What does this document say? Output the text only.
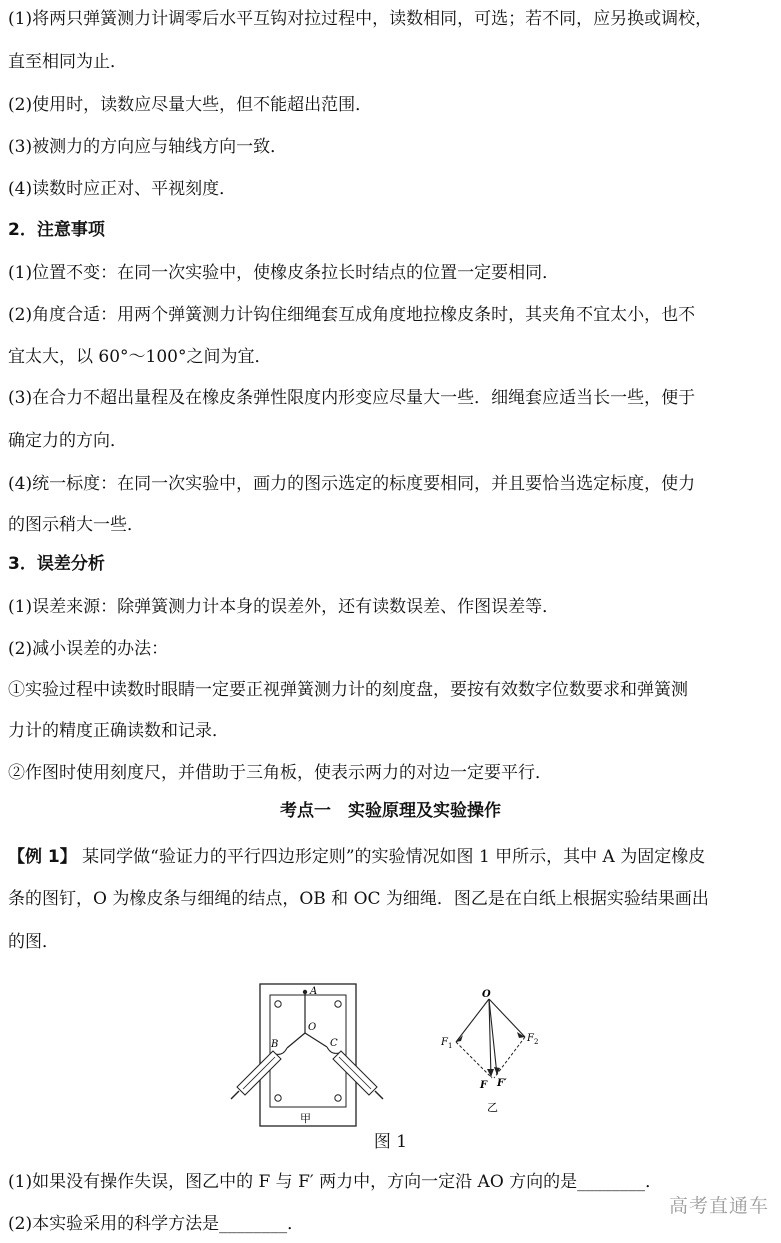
(1)将两只弹簧测力计调零后水平互钩对拉过程中，读数相同，可选；若不同，应另换或调校，
直至相同为止．
(2)使用时，读数应尽量大些，但不能超出范围．
(3)被测力的方向应与轴线方向一致．
(4)读数时应正对、平视刻度．
2．注意事项
(1)位置不变：在同一次实验中，使橡皮条拉长时结点的位置一定要相同．
(2)角度合适：用两个弹簧测力计钩住细绳套互成角度地拉橡皮条时，其夹角不宜太小，也不
宜太大，以 60°～100°之间为宜．
(3)在合力不超出量程及在橡皮条弹性限度内形变应尽量大一些．细绳套应适当长一些，便于
确定力的方向．
(4)统一标度：在同一次实验中，画力的图示选定的标度要相同，并且要恰当选定标度，使力
的图示稍大一些．
3．误差分析
(1)误差来源：除弹簧测力计本身的误差外，还有读数误差、作图误差等．
(2)减小误差的办法：
①实验过程中读数时眼睛一定要正视弹簧测力计的刻度盘，要按有效数字位数要求和弹簧测
力计的精度正确读数和记录．
②作图时使用刻度尺，并借助于三角板，使表示两力的对边一定要平行．
考点一　实验原理及实验操作
【例 1】 某同学做“验证力的平行四边形定则”的实验情况如图 1 甲所示，其中 A 为固定橡皮
条的图钉，O 为橡皮条与细绳的结点，OB 和 OC 为细绳．图乙是在白纸上根据实验结果画出
的图．
A
O
B	C
甲
O
F 1
F 2
F F′
乙
图 1
(1)如果没有操作失误，图乙中的 F 与 F′ 两力中，方向一定沿 AO 方向的是________．
(2)本实验采用的科学方法是________．
高考直通车
